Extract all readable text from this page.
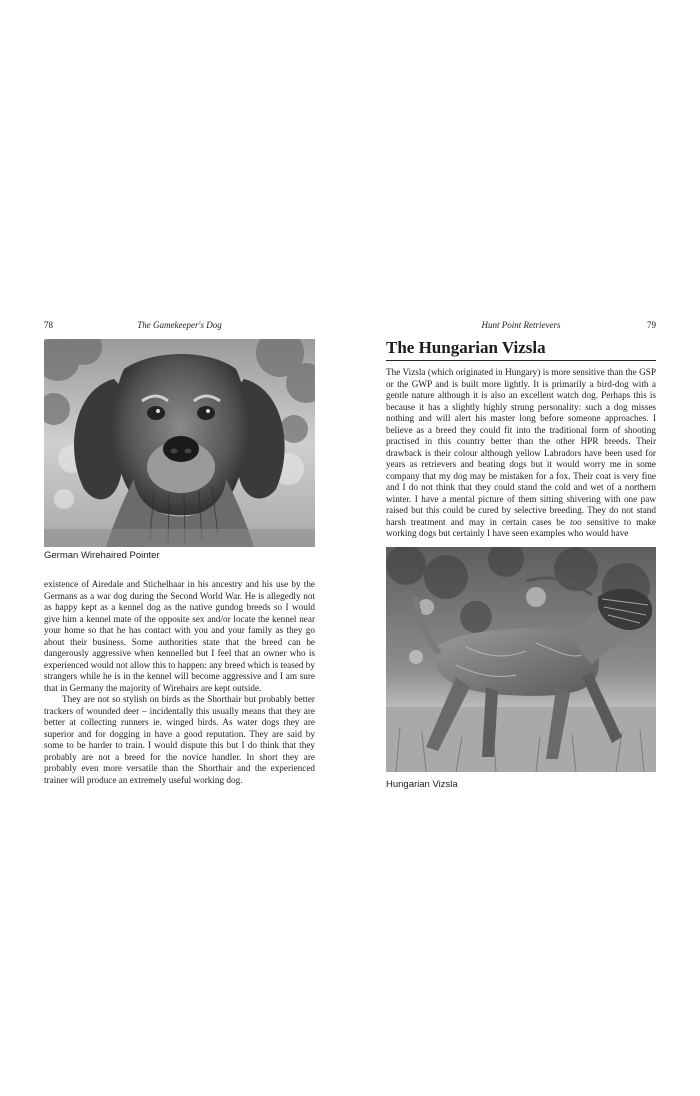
78	The Gamekeeper's Dog
German Wirehaired Pointer

existence of Airedale and Stichelhaar in his ancestry and his use by the Germans as a war dog during the Second World War. He is allegedly not as happy kept as a kennel dog as the native gundog breeds so I would give him a kennel mate of the opposite sex and/or locate the kennel near your home so that he has contact with you and your family as they go about their business. Some authorities state that the breed can be dangerously aggressive when kennelled but I feel that an owner who is experienced would not allow this to happen: any breed which is teased by strangers while he is in the kennel will become aggressive and I am sure that in Germany the majority of Wirehairs are kept outside.

They are not so stylish on birds as the Shorthair but probably better trackers of wounded deer – incidentally this usually means that they are better at collecting runners ie. winged birds. As water dogs they are superior and for dogging in have a good reputation. They are said by some to be harder to train. I would dispute this but I do think that they probably are not a breed for the novice handler. In short they are probably even more versatile than the Shorthair and the experienced trainer will produce an extremely useful working dog.

Hunt Point Retrievers	79
The Hungarian Vizsla

The Vizsla (which originated in Hungary) is more sensitive than the GSP or the GWP and is built more lightly. It is primarily a bird-dog with a gentle nature although it is also an excellent watch dog. Perhaps this is because it has a slightly highly strung personality: such a dog misses nothing and will alert his master long before someone approaches. I believe as a breed they could fit into the traditional form of shooting practised in this country better than the other HPR breeds. Their drawback is their colour although yellow Labradors have been used for years as retrievers and beating dogs but it would worry me in some company that my dog may be mistaken for a fox. Their coat is very fine and I do not think that they could stand the cold and wet of a northern winter. I have a mental picture of them sitting shivering with one paw raised but this could be cured by selective breeding. They do not stand harsh treatment and may in certain cases be too sensitive to make working dogs but certainly I have seen examples who would have

Hungarian Vizsla
